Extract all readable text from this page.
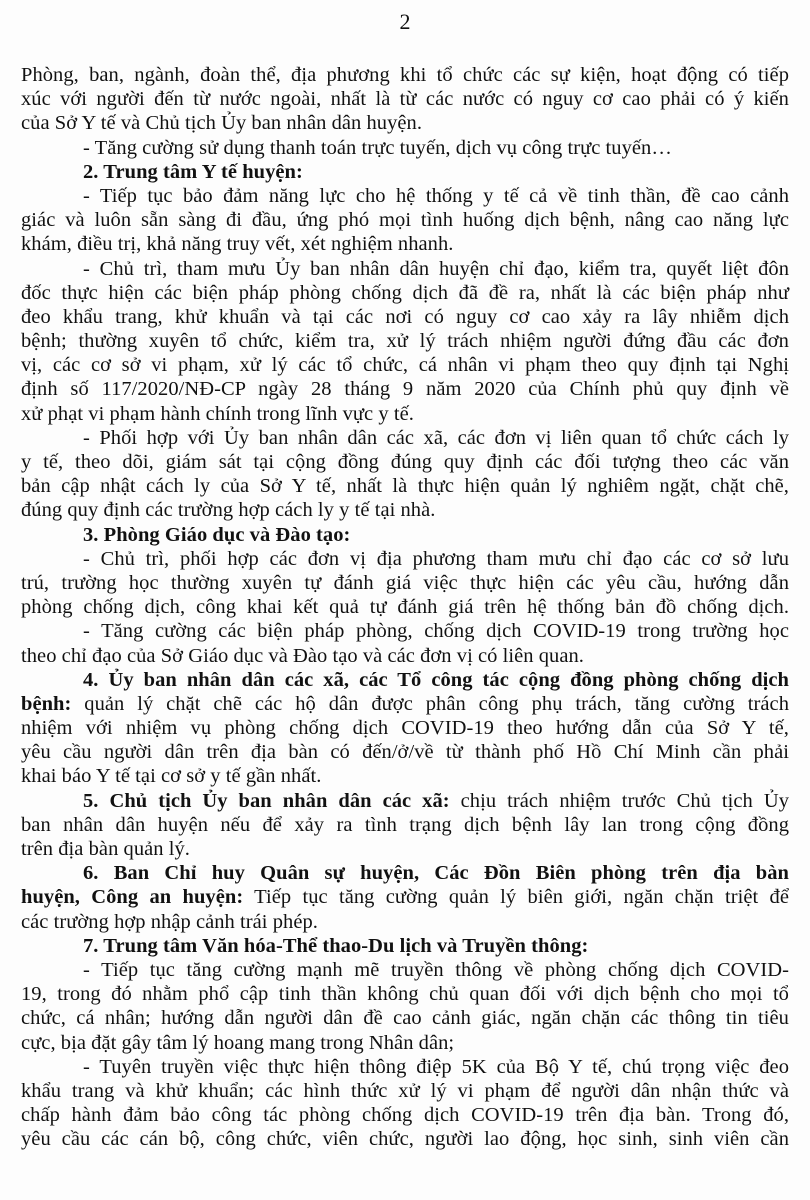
2
Phòng, ban, ngành, đoàn thể, địa phương khi tổ chức các sự kiện, hoạt động có tiếp
xúc với người đến từ nước ngoài, nhất là từ các nước có nguy cơ cao phải có ý kiến
của Sở Y tế và Chủ tịch Ủy ban nhân dân huyện.
- Tăng cường sử dụng thanh toán trực tuyến, dịch vụ công trực tuyến…
2. Trung tâm Y tế huyện:
- Tiếp tục bảo đảm năng lực cho hệ thống y tế cả về tinh thần, đề cao cảnh
giác và luôn sẵn sàng đi đầu, ứng phó mọi tình huống dịch bệnh, nâng cao năng lực
khám, điều trị, khả năng truy vết, xét nghiệm nhanh.
- Chủ trì, tham mưu Ủy ban nhân dân huyện chỉ đạo, kiểm tra, quyết liệt đôn
đốc thực hiện các biện pháp phòng chống dịch đã đề ra, nhất là các biện pháp như
đeo khẩu trang, khử khuẩn và tại các nơi có nguy cơ cao xảy ra lây nhiễm dịch
bệnh; thường xuyên tổ chức, kiểm tra, xử lý trách nhiệm người đứng đầu các đơn
vị, các cơ sở vi phạm, xử lý các tổ chức, cá nhân vi phạm theo quy định tại Nghị
định số 117/2020/NĐ-CP ngày 28 tháng 9 năm 2020 của Chính phủ quy định về
xử phạt vi phạm hành chính trong lĩnh vực y tế.
- Phối hợp với Ủy ban nhân dân các xã, các đơn vị liên quan tổ chức cách ly
y tế, theo dõi, giám sát tại cộng đồng đúng quy định các đối tượng theo các văn
bản cập nhật cách ly của Sở Y tế, nhất là thực hiện quản lý nghiêm ngặt, chặt chẽ,
đúng quy định các trường hợp cách ly y tế tại nhà.
3. Phòng Giáo dục và Đào tạo:
- Chủ trì, phối hợp các đơn vị địa phương tham mưu chỉ đạo các cơ sở lưu
trú, trường học thường xuyên tự đánh giá việc thực hiện các yêu cầu, hướng dẫn
phòng chống dịch, công khai kết quả tự đánh giá trên hệ thống bản đồ chống dịch.
- Tăng cường các biện pháp phòng, chống dịch COVID-19 trong trường học
theo chỉ đạo của Sở Giáo dục và Đào tạo và các đơn vị có liên quan.
4. Ủy ban nhân dân các xã, các Tổ công tác cộng đồng phòng chống dịch
bệnh: quản lý chặt chẽ các hộ dân được phân công phụ trách, tăng cường trách
nhiệm với nhiệm vụ phòng chống dịch COVID-19 theo hướng dẫn của Sở Y tế,
yêu cầu người dân trên địa bàn có đến/ở/về từ thành phố Hồ Chí Minh cần phải
khai báo Y tế tại cơ sở y tế gần nhất.
5. Chủ tịch Ủy ban nhân dân các xã: chịu trách nhiệm trước Chủ tịch Ủy
ban nhân dân huyện nếu để xảy ra tình trạng dịch bệnh lây lan trong cộng đồng
trên địa bàn quản lý.
6. Ban Chỉ huy Quân sự huyện, Các Đồn Biên phòng trên địa bàn
huyện, Công an huyện: Tiếp tục tăng cường quản lý biên giới, ngăn chặn triệt để
các trường hợp nhập cảnh trái phép.
7. Trung tâm Văn hóa-Thể thao-Du lịch và Truyền thông:
- Tiếp tục tăng cường mạnh mẽ truyền thông về phòng chống dịch COVID-
19, trong đó nhằm phổ cập tinh thần không chủ quan đối với dịch bệnh cho mọi tổ
chức, cá nhân; hướng dẫn người dân đề cao cảnh giác, ngăn chặn các thông tin tiêu
cực, bịa đặt gây tâm lý hoang mang trong Nhân dân;
- Tuyên truyền việc thực hiện thông điệp 5K của Bộ Y tế, chú trọng việc đeo
khẩu trang và khử khuẩn; các hình thức xử lý vi phạm để người dân nhận thức và
chấp hành đảm bảo công tác phòng chống dịch COVID-19 trên địa bàn. Trong đó,
yêu cầu các cán bộ, công chức, viên chức, người lao động, học sinh, sinh viên cần
